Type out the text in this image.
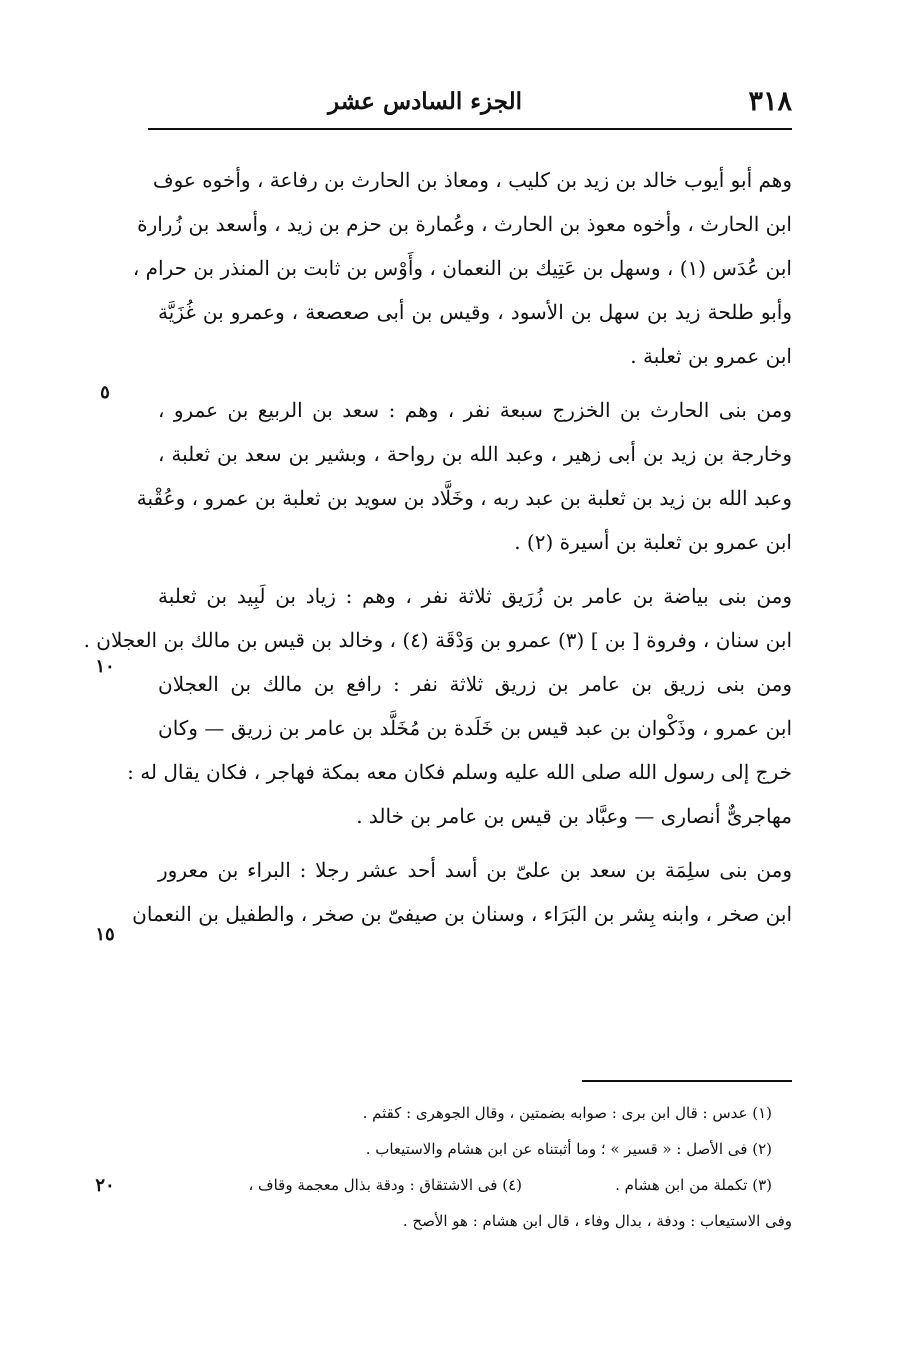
٣١٨
الجزء السادس عشر
٥
١٠
١٥
٢٠
وهم أبو أيوب خالد بن زيد بن كليب ، ومعاذ بن الحارث بن رفاعة ، وأخوه عوف
ابن الحارث ، وأخوه معوذ بن الحارث ، وعُمارة بن حزم بن زيد ، وأسعد بن زُرارة
ابن عُدَس (١) ، وسهل بن عَتِيك بن النعمان ، وأَوْس بن ثابت بن المنذر بن حرام ،
وأبو طلحة زيد بن سهل بن الأسود ، وقيس بن أبى صعصعة ، وعمرو بن غُزَيَّة
ابن عمرو بن ثعلبة .
ومن بنى الحارث بن الخزرج سبعة نفر ، وهم : سعد بن الربيع بن عمرو ،
وخارجة بن زيد بن أبى زهير ، وعبد الله بن رواحة ، وبشير بن سعد بن ثعلبة ،
وعبد الله بن زيد بن ثعلبة بن عبد ربه ، وخَلَّاد بن سويد بن ثعلبة بن عمرو ، وعُقْبة
ابن عمرو بن ثعلبة بن أسيرة (٢) .
ومن بنى بياضة بن عامر بن زُرَيق ثلاثة نفر ، وهم : زياد بن لَبِيد بن ثعلبة
ابن سنان ، وفروة [ بن ] (٣) عمرو بن وَدْقَة (٤) ، وخالد بن قيس بن مالك بن العجلان .
ومن بنى زريق بن عامر بن زريق ثلاثة نفر : رافع بن مالك بن العجلان
ابن عمرو ، وذَكْوان بن عبد قيس بن خَلَدة بن مُخَلَّد بن عامر بن زريق — وكان
خرج إلى رسول الله صلى الله عليه وسلم فكان معه بمكة فهاجر ، فكان يقال له :
مهاجرىٌّ أنصارى — وعبَّاد بن قيس بن عامر بن خالد .
ومن بنى سلِمَة بن سعد بن علىّ بن أسد أحد عشر رجلا : البراء بن معرور
ابن صخر ، وابنه بِشر بن البَرَاء ، وسنان بن صيفىّ بن صخر ، والطفيل بن النعمان
(١) عدس : قال ابن برى : صوابه بضمتين ، وقال الجوهرى : كقثم .
(٢) فى الأصل : « قسير » ؛ وما أثبتناه عن ابن هشام والاستيعاب .
(٣) تكملة من ابن هشام .
(٤) فى الاشتقاق : ودقة بذال معجمة وقاف ،
وفى الاستيعاب : ودفة ، بدال وفاء ، قال ابن هشام : هو الأصح .
